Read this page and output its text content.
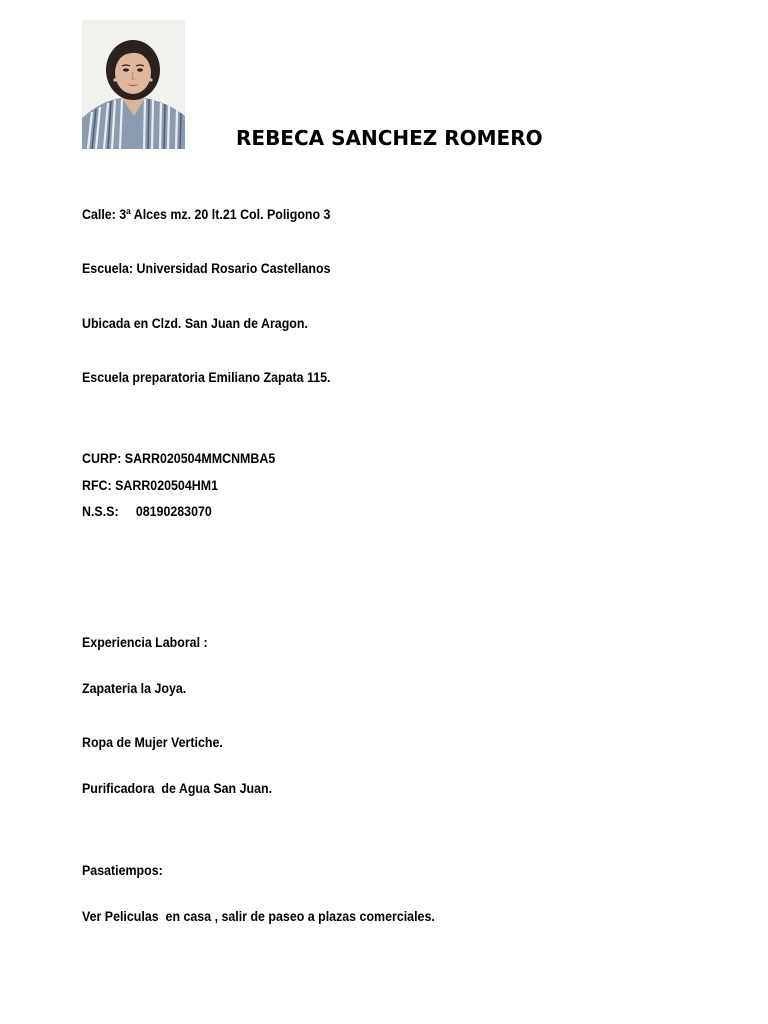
REBECA SANCHEZ ROMERO
Calle: 3ª Alces mz. 20 lt.21 Col. Poligono 3
Escuela: Universidad Rosario Castellanos
Ubicada en Clzd. San Juan de Aragon.
Escuela preparatoria Emiliano Zapata 115.
CURP: SARR020504MMCNMBA5
RFC: SARR020504HM1
N.S.S:     08190283070
Experiencia Laboral :
Zapateria la Joya.
Ropa de Mujer Vertiche.
Purificadora  de Agua San Juan.
Pasatiempos:
Ver Peliculas  en casa , salir de paseo a plazas comerciales.
